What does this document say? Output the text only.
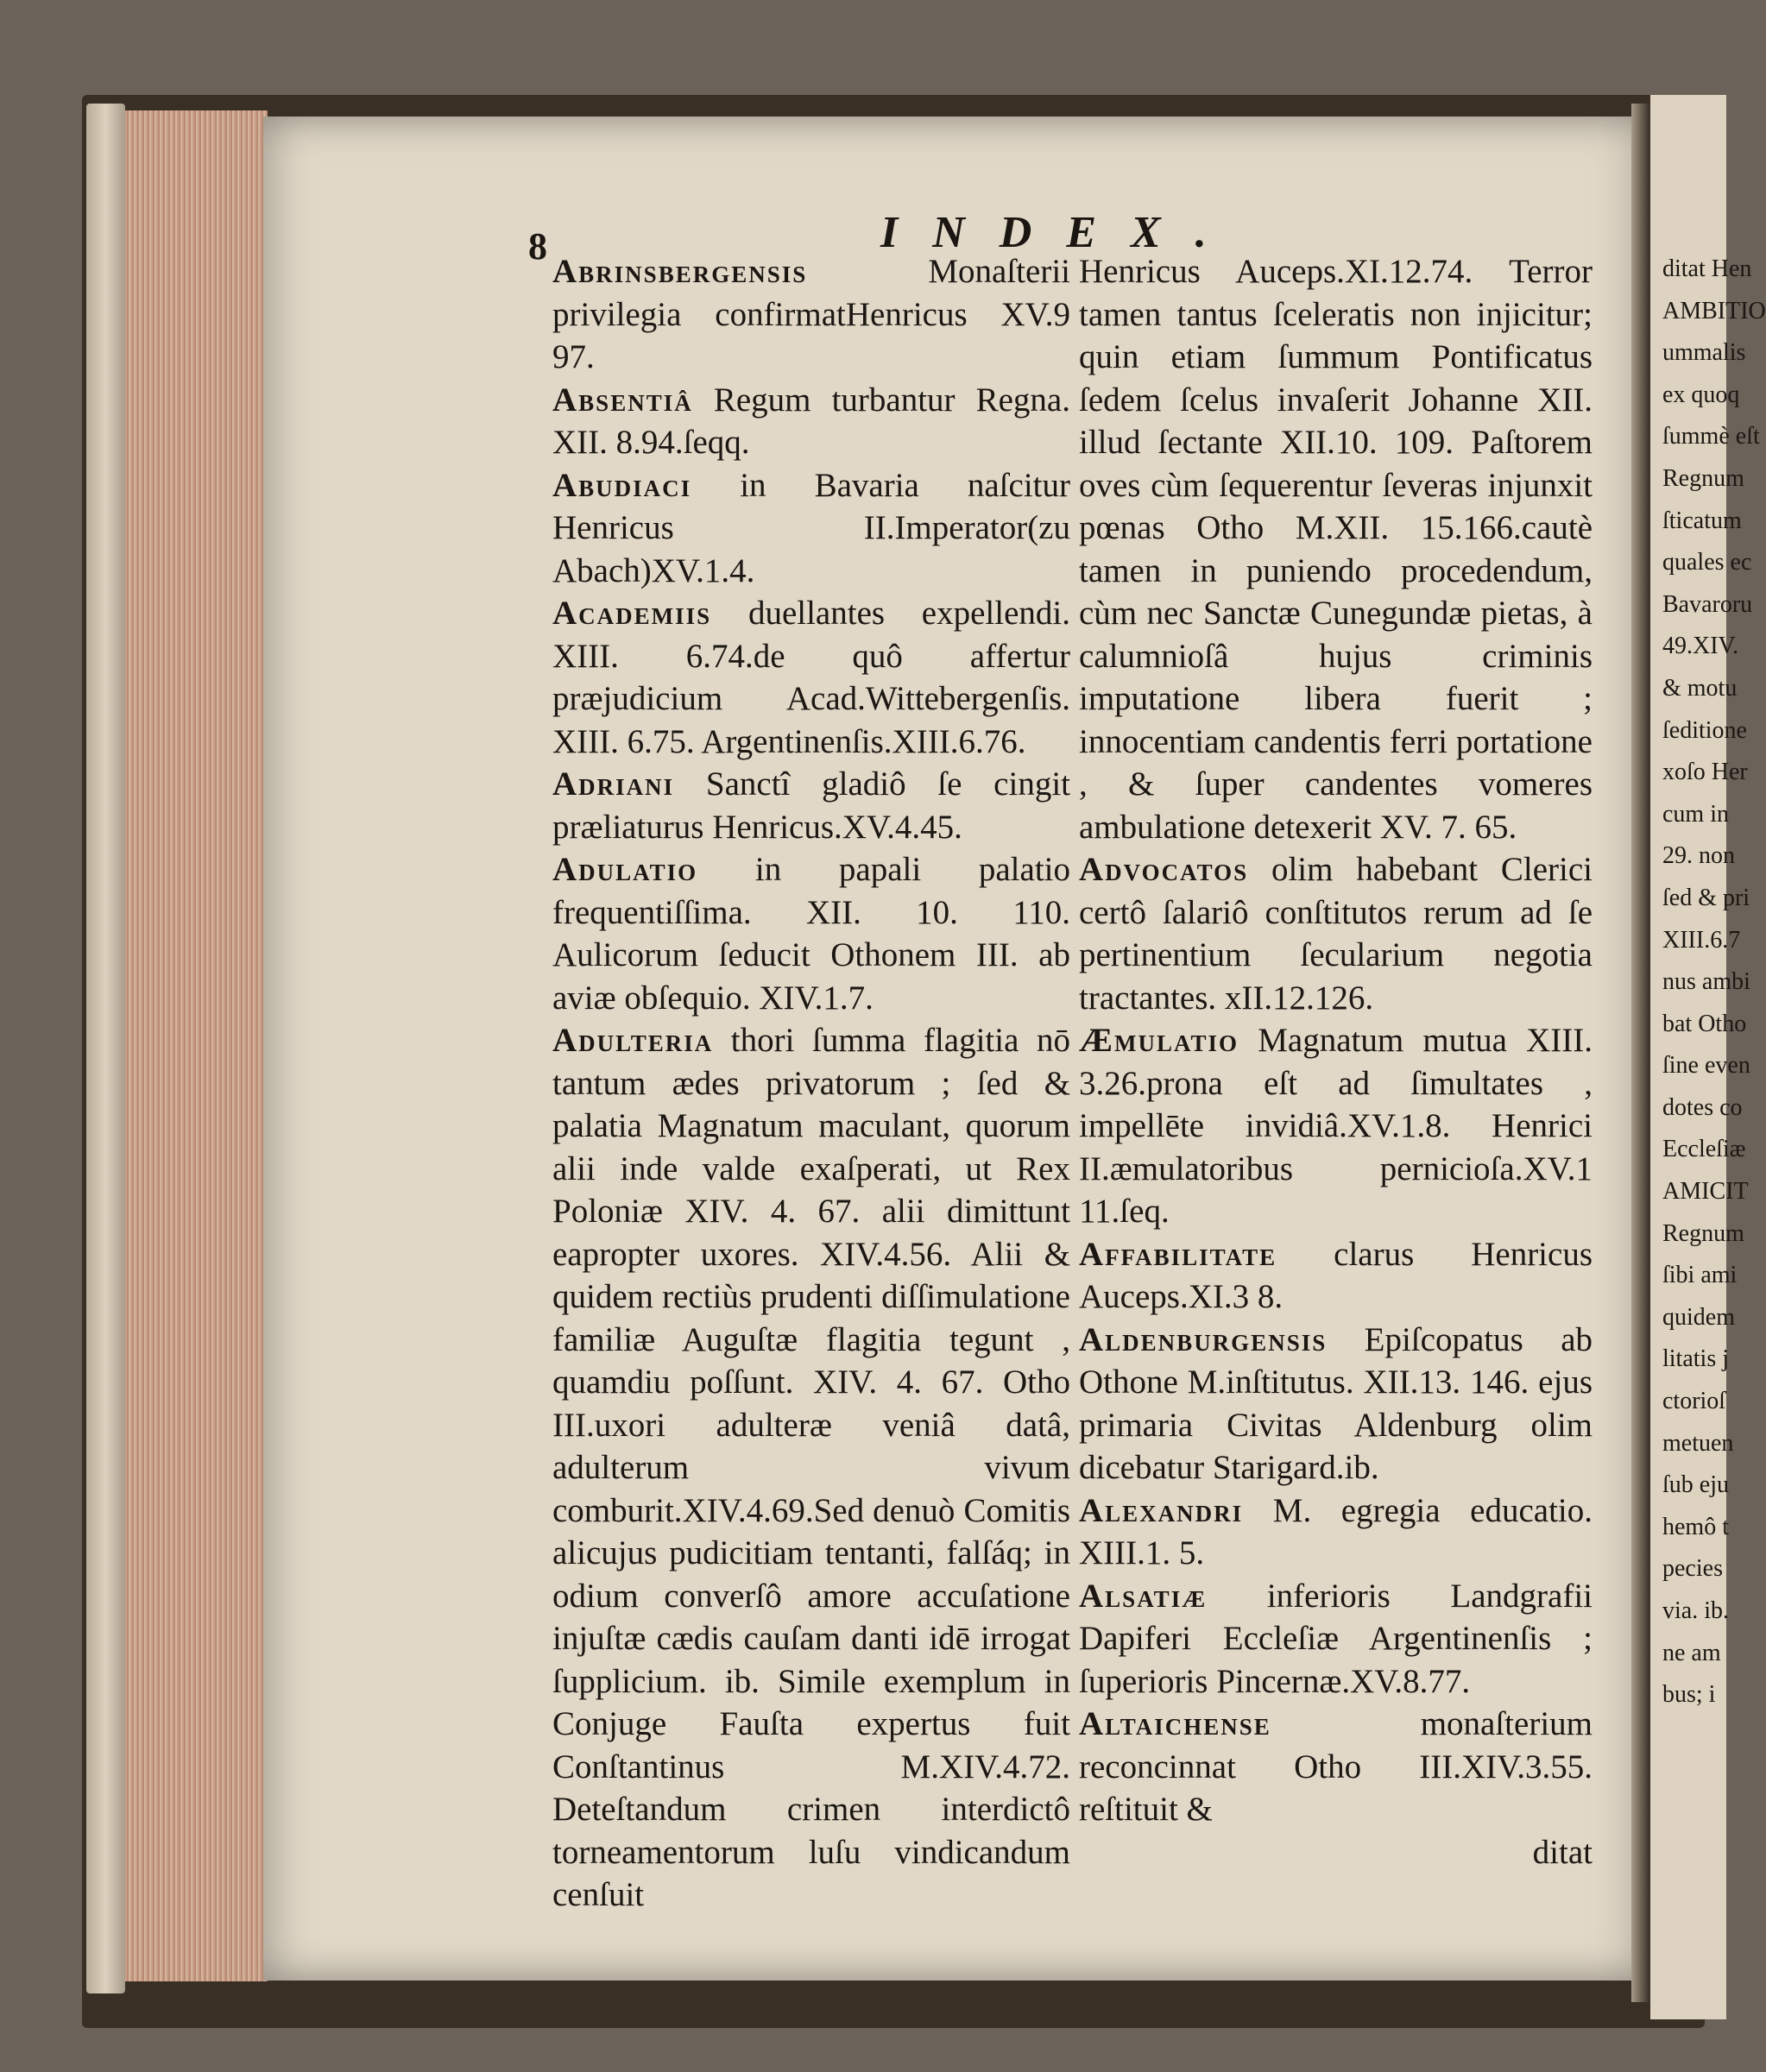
8	INDEX.

Abrinsbergensis Monaſterii privilegia confirmatHenricus XV.9 97.

Absentiâ Regum turbantur Regna. XII. 8.94.ſeqq.

Abudiaci in Bavaria naſcitur Henricus II.Imperator(zu Abach)XV.1.4.

Academiis duellantes expellendi. XIII. 6.74.de quô affertur præjudicium Acad.Wittebergenſis. XIII. 6.75. Argentinenſis.XIII.6.76.

Adriani Sanctî gladiô ſe cingit præliaturus Henricus.XV.4.45.

Adulatio in papali palatio frequentiſſima. XII. 10. 110. Aulicorum ſeducit Othonem III. ab aviæ obſequio. XIV.1.7.

Adulteria thori ſumma flagitia nō tantum ædes privatorum ; ſed & palatia Magnatum maculant, quorum alii inde valde exaſperati, ut Rex Poloniæ XIV. 4. 67. alii dimittunt eapropter uxores. XIV.4.56. Alii & quidem rectiùs prudenti diſſimulatione familiæ Auguſtæ flagitia tegunt , quamdiu poſſunt. XIV. 4. 67. Otho III.uxori adulteræ veniâ datâ, adulterum vivum comburit.XIV.4.69.Sed denuò Comitis alicujus pudicitiam tentanti, falſáq; in odium converſô amore accuſatione injuſtæ cædis cauſam danti idē irrogat ſupplicium. ib. Simile exemplum in Conjuge Fauſta expertus fuit Conſtantinus M.XIV.4.72. Deteſtandum crimen interdictô torneamentorum luſu vindicandum cenſuit

Henricus Auceps.XI.12.74. Terror tamen tantus ſceleratis non injicitur; quin etiam ſummum Pontificatus ſedem ſcelus invaſerit Johanne XII. illud ſectante XII.10. 109. Paſtorem oves cùm ſequerentur ſeveras injunxit pœnas Otho M.XII. 15.166.cautè tamen in puniendo procedendum, cùm nec Sanctæ Cunegundæ pietas, à calumnioſâ hujus criminis imputatione libera fuerit ; innocentiam candentis ferri portatione , & ſuper candentes vomeres ambulatione detexerit XV. 7. 65.

Advocatos olim habebant Clerici certô ſalariô conſtitutos rerum ad ſe pertinentium ſecularium negotia tractantes. xII.12.126.

Æmulatio Magnatum mutua XIII. 3.26.prona eſt ad ſimultates , impellēte invidiâ.XV.1.8. Henrici II.æmulatoribus pernicioſa.XV.1 11.ſeq.

Affabilitate clarus Henricus Auceps.XI.3 8.

Aldenburgensis Epiſcopatus ab Othone M.inſtitutus. XII.13. 146. ejus primaria Civitas Aldenburg olim dicebatur Starigard.ib.

Alexandri M. egregia educatio. XIII.1. 5.

Alsatiæ inferioris Landgrafii Dapiferi Eccleſiæ Argentinenſis ; ſuperioris Pincernæ.XV.8.77.

Altaichense monaſterium reconcinnat Otho III.XIV.3.55. reſtituit &

ditat

ditat Hen
AMBITIO
ummalis
ex quoq
ſummè eſt
Regnum
ſticatum
quales ec
Bavaroru
49.XIV.
& motu
ſeditione
xoſo Her
cum in
29. non
ſed & pri
XIII.6.7
nus ambi
bat Otho
ſine even
dotes co
Eccleſiæ
AMICIT
Regnum
ſibi ami
quidem
litatis j
ctorioſ
metuen
ſub eju
hemô t
pecies
via. ib.
ne am
bus; i
